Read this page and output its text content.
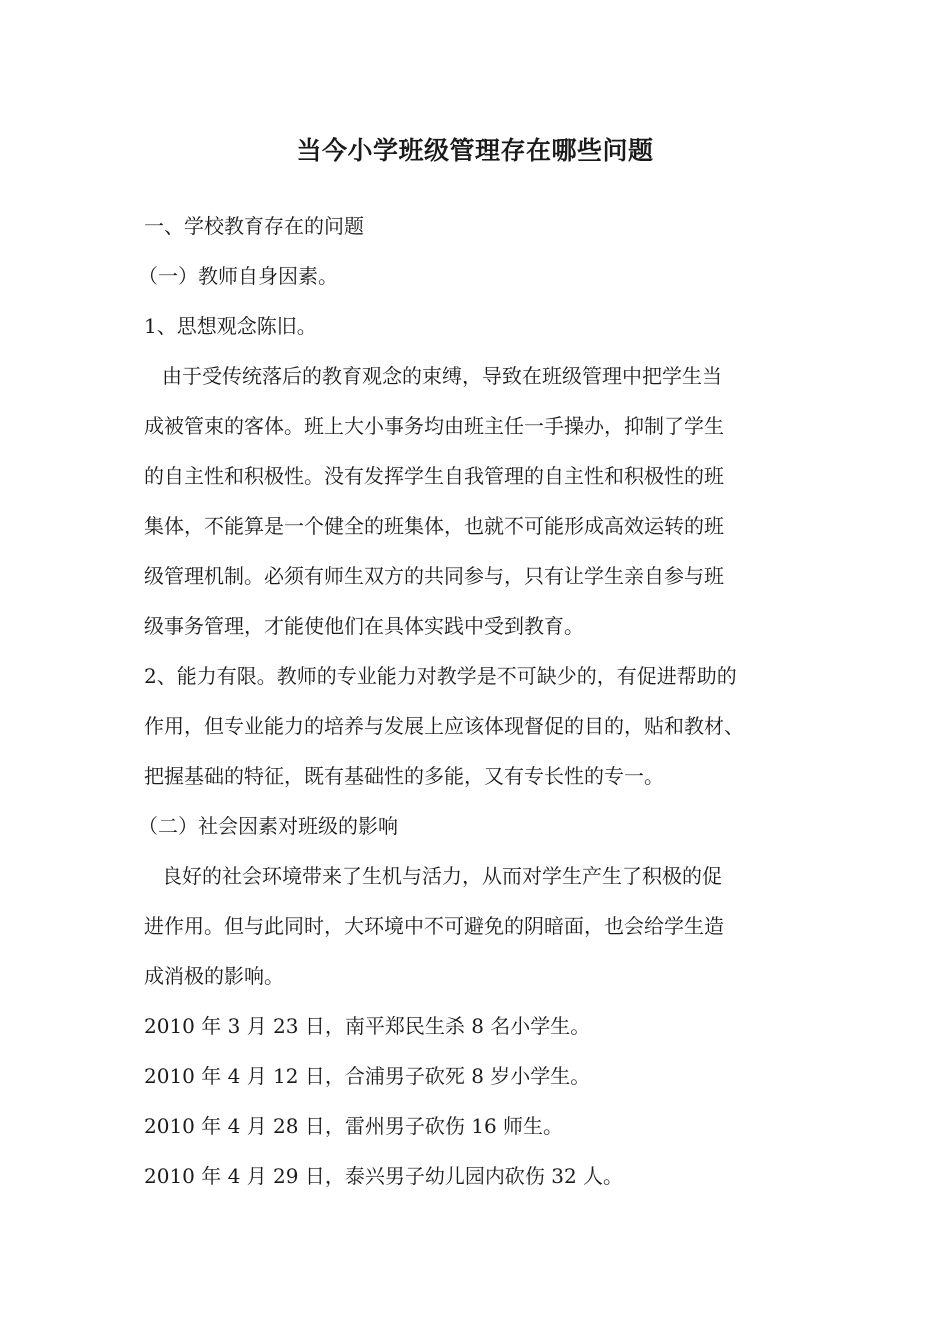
当今小学班级管理存在哪些问题
一、学校教育存在的问题
（一）教师自身因素。
1、思想观念陈旧。
由于受传统落后的教育观念的束缚，导致在班级管理中把学生当
成被管束的客体。班上大小事务均由班主任一手操办，抑制了学生
的自主性和积极性。没有发挥学生自我管理的自主性和积极性的班
集体，不能算是一个健全的班集体，也就不可能形成高效运转的班
级管理机制。必须有师生双方的共同参与，只有让学生亲自参与班
级事务管理，才能使他们在具体实践中受到教育。
2、能力有限。教师的专业能力对教学是不可缺少的，有促进帮助的
作用，但专业能力的培养与发展上应该体现督促的目的，贴和教材、
把握基础的特征，既有基础性的多能，又有专长性的专一。
（二）社会因素对班级的影响
良好的社会环境带来了生机与活力，从而对学生产生了积极的促
进作用。但与此同时，大环境中不可避免的阴暗面，也会给学生造
成消极的影响。
2010 年 3 月 23 日，南平郑民生杀 8 名小学生。
2010 年 4 月 12 日，合浦男子砍死 8 岁小学生。
2010 年 4 月 28 日，雷州男子砍伤 16 师生。
2010 年 4 月 29 日，泰兴男子幼儿园内砍伤 32 人。
